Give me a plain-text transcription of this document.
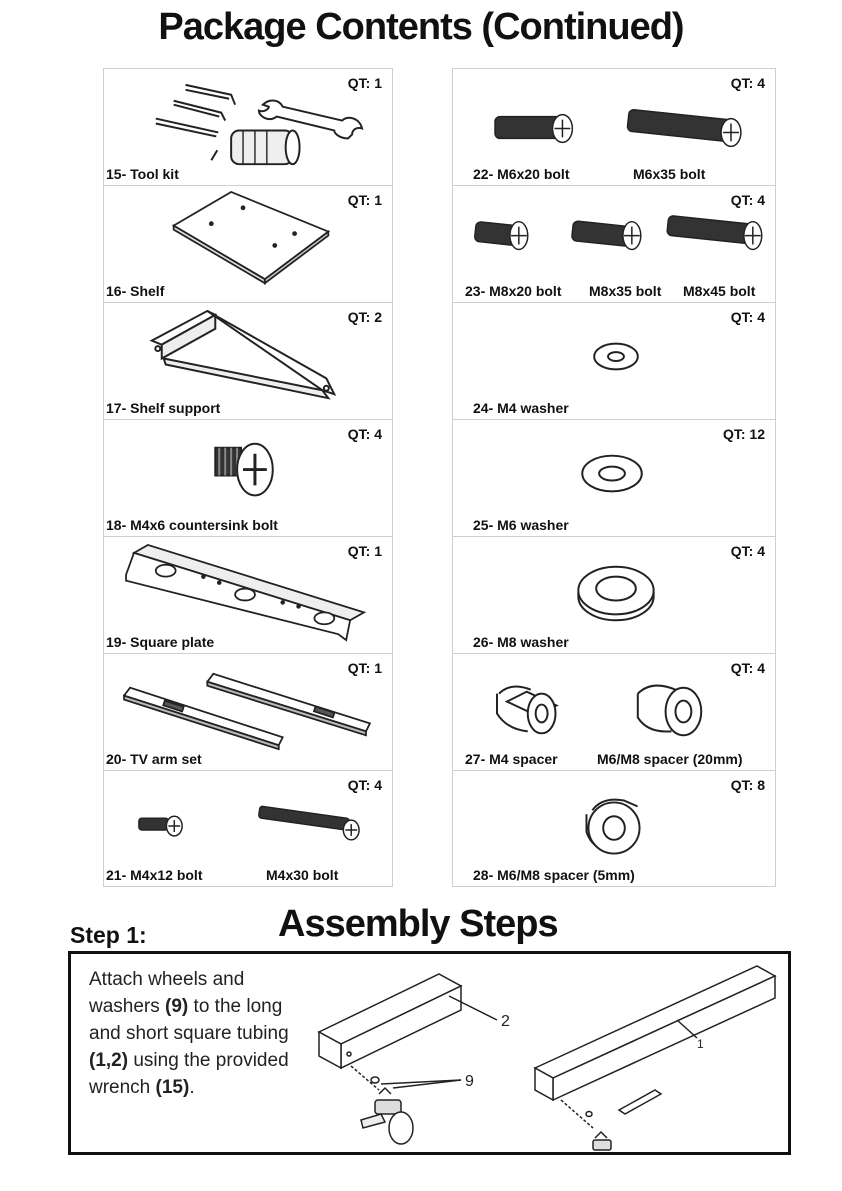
Package Contents (Continued)
QT: 1
15- Tool kit
QT: 1
16- Shelf
QT: 2
17- Shelf support
QT: 4
18- M4x6 countersink bolt
QT: 1
19- Square plate
QT: 1
20- TV arm set
QT: 4
21- M4x12 bolt	M4x30 bolt
QT: 4
22- M6x20 bolt	M6x35 bolt
QT: 4
23- M8x20 bolt M8x35 bolt M8x45 bolt
QT: 4
24- M4 washer
QT: 12
25- M6 washer
QT: 4
26- M8 washer
QT: 4
27- M4 spacer	M6/M8 spacer (20mm)
QT: 8
28- M6/M8 spacer (5mm)
Step 1:	Assembly Steps
Attach wheels and washers (9) to the long and short square tubing (1,2) using the provided wrench (15).
2
9
1
